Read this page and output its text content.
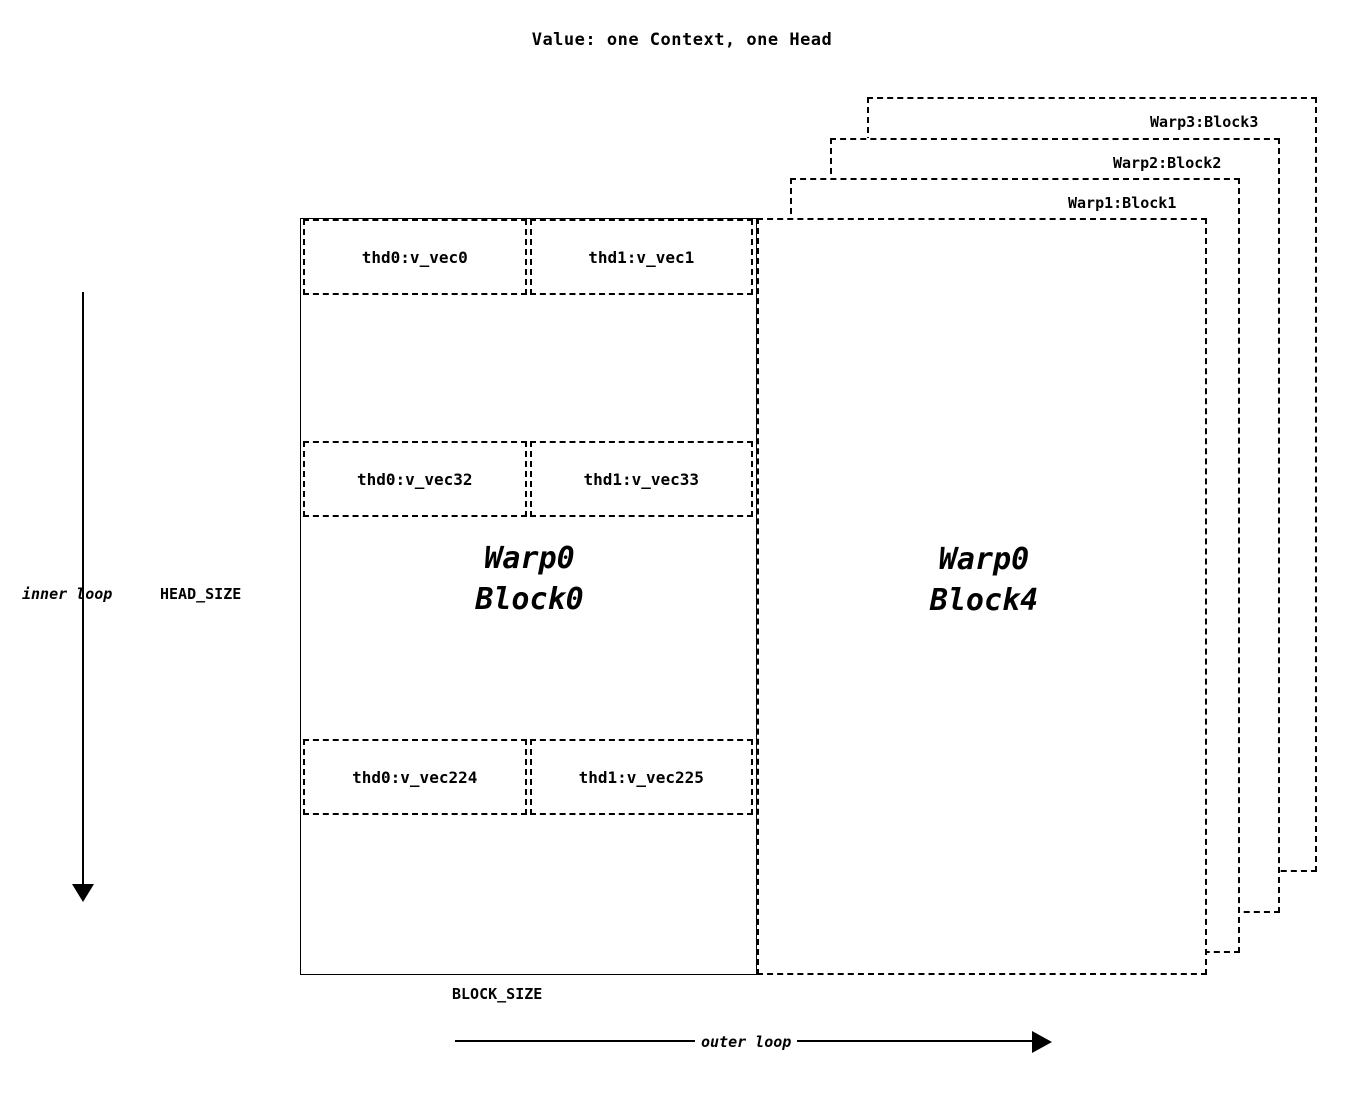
Value: one Context, one Head
Warp3:Block3
Warp2:Block2
Warp1:Block1
Warp0
Block4
Warp0
Block0
thd0:v_vec0	thd1:v_vec1
thd0:v_vec32	thd1:v_vec33
thd0:v_vec224	thd1:v_vec225
inner loop	HEAD_SIZE
BLOCK_SIZE
outer loop
